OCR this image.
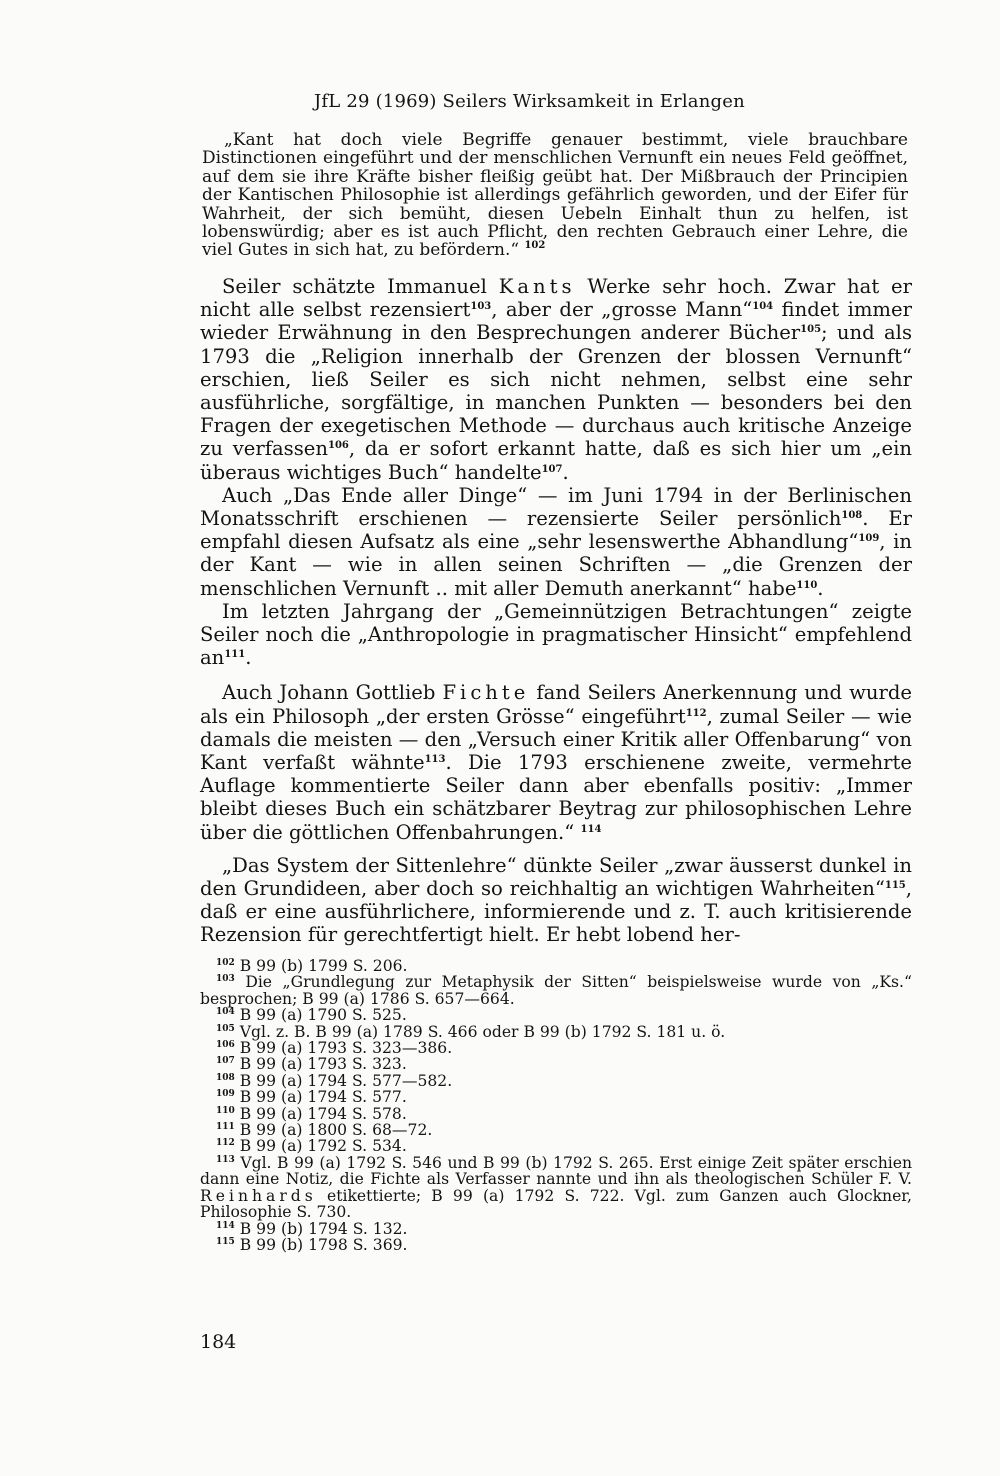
JfL 29 (1969) Seilers Wirksamkeit in Erlangen

„Kant hat doch viele Begriffe genauer bestimmt, viele brauchbare Distinctionen eingeführt und der menschlichen Vernunft ein neues Feld geöffnet, auf dem sie ihre Kräfte bisher fleißig geübt hat. Der Mißbrauch der Principien der Kantischen Philosophie ist allerdings gefährlich geworden, und der Eifer für Wahrheit, der sich bemüht, diesen Uebeln Einhalt thun zu helfen, ist lobenswürdig; aber es ist auch Pflicht, den rechten Gebrauch einer Lehre, die viel Gutes in sich hat, zu befördern.“ $^{102}$

Seiler schätzte Immanuel Kants Werke sehr hoch. Zwar hat er nicht alle selbst rezensiert$^{103}$, aber der „grosse Mann“$^{104}$ findet immer wieder Erwähnung in den Besprechungen anderer Bücher$^{105}$; und als 1793 die „Religion innerhalb der Grenzen der blossen Vernunft“ erschien, ließ Seiler es sich nicht nehmen, selbst eine sehr ausführliche, sorgfältige, in manchen Punkten — besonders bei den Fragen der exegetischen Methode — durchaus auch kritische Anzeige zu verfassen$^{106}$, da er sofort erkannt hatte, daß es sich hier um „ein überaus wichtiges Buch“ handelte$^{107}$.

Auch „Das Ende aller Dinge“ — im Juni 1794 in der Berlinischen Monatsschrift erschienen — rezensierte Seiler persönlich$^{108}$. Er empfahl diesen Aufsatz als eine „sehr lesenswerthe Abhandlung“$^{109}$, in der Kant — wie in allen seinen Schriften — „die Grenzen der menschlichen Vernunft .. mit aller Demuth anerkannt“ habe$^{110}$.

Im letzten Jahrgang der „Gemeinnützigen Betrachtungen“ zeigte Seiler noch die „Anthropologie in pragmatischer Hinsicht“ empfehlend $an^{111}$.

Auch Johann Gottlieb Fichte fand Seilers Anerkennung und wurde als ein Philosoph „der ersten Grösse“ eingeführt$^{112}$, zumal Seiler — wie damals die meisten — den „Versuch einer Kritik aller Offenbarung“ von Kant verfaßt wähnte$^{113}$. Die 1793 erschienene zweite, vermehrte Auflage kommentierte Seiler dann aber ebenfalls positiv: „Immer bleibt dieses Buch ein schätzbarer Beytrag zur philosophischen Lehre über die göttlichen Offenbahrungen.“ $^{114}$

„Das System der Sittenlehre“ dünkte Seiler „zwar äusserst dunkel in den Grundideen, aber doch so reichhaltig an wichtigen Wahrheiten“$^{115}$, daß er eine ausführlichere, informierende und z. T. auch kritisierende Rezension für gerechtfertigt hielt. Er hebt lobend her-

$^{102}$ B 99 (b) 1799 S. 206.

$^{103}$ Die „Grundlegung zur Metaphysik der Sitten“ beispielsweise wurde von „Ks.“ besprochen; B 99 (a) 1786 S. 657—664.

$^{104}$ B 99 (a) 1790 S. 525.

$^{105}$ Vgl. z. B. B 99 (a) 1789 S. 466 oder B 99 (b) 1792 S. 181 u. ö.

$^{106}$ B 99 (a) 1793 S. 323—386.

$^{107}$ B 99 (a) 1793 S. 323.

$^{108}$ B 99 (a) 1794 S. 577—582.

$^{109}$ B 99 (a) 1794 S. 577.

$^{110}$ B 99 (a) 1794 S. 578.

$^{111}$ B 99 (a) 1800 S. 68—72.

$^{112}$ B 99 (a) 1792 S. 534.

$^{113}$ Vgl. B 99 (a) 1792 S. 546 und B 99 (b) 1792 S. 265. Erst einige Zeit später erschien dann eine Notiz, die Fichte als Verfasser nannte und ihn als theologischen Schüler F. V. Reinhards etikettierte; B 99 (a) 1792 S. 722. Vgl. zum Ganzen auch Glockner, Philosophie S. 730.

$^{114}$ B 99 (b) 1794 S. 132.

$^{115}$ B 99 (b) 1798 S. 369.

184
